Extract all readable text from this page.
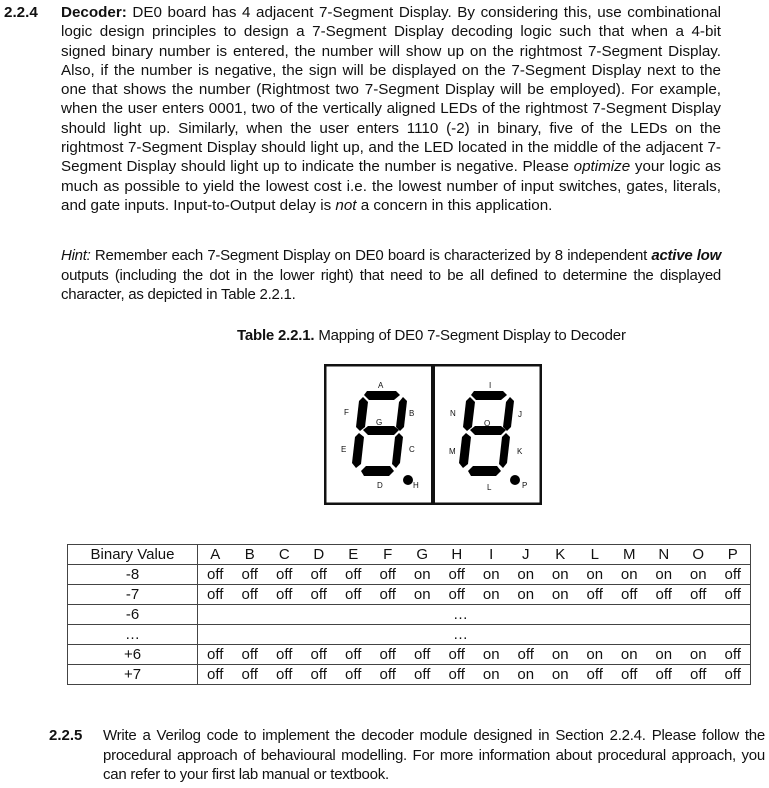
2.2.4 Decoder: DE0 board has 4 adjacent 7-Segment Display. By considering this, use combinational logic design principles to design a 7-Segment Display decoding logic such that when a 4-bit signed binary number is entered, the number will show up on the rightmost 7-Segment Display. Also, if the number is negative, the sign will be displayed on the 7-Segment Display next to the one that shows the number (Rightmost two 7-Segment Display will be employed). For example, when the user enters 0001, two of the vertically aligned LEDs of the rightmost 7-Segment Display should light up. Similarly, when the user enters 1110 (-2) in binary, five of the LEDs on the rightmost 7-Segment Display should light up, and the LED located in the middle of the adjacent 7-Segment Display should light up to indicate the number is negative. Please optimize your logic as much as possible to yield the lowest cost i.e. the lowest number of input switches, gates, literals, and gate inputs. Input-to-Output delay is not a concern in this application.
Hint: Remember each 7-Segment Display on DE0 board is characterized by 8 independent active low outputs (including the dot in the lower right) that need to be all defined to determine the displayed character, as depicted in Table 2.2.1.
Table 2.2.1. Mapping of DE0 7-Segment Display to Decoder
A
B
C
D
E
F
G
H
I
J
K
L
M
N
O
P
Binary Value	A	B	C	D	E	F	G	H	I	J	K	L	M	N	O	P
-8	off	off	off	off	off	off	on	off	on	on	on	on	on	on	on	off
-7	off	off	off	off	off	off	on	off	on	on	on	off	off	off	off	off
-6	…															
…	…															
+6	off	off	off	off	off	off	off	off	on	off	on	on	on	on	on	off
+7	off	off	off	off	off	off	off	off	on	on	on	off	off	off	off	off
2.2.5 Write a Verilog code to implement the decoder module designed in Section 2.2.4. Please follow the procedural approach of behavioural modelling. For more information about procedural approach, you can refer to your first lab manual or textbook.
